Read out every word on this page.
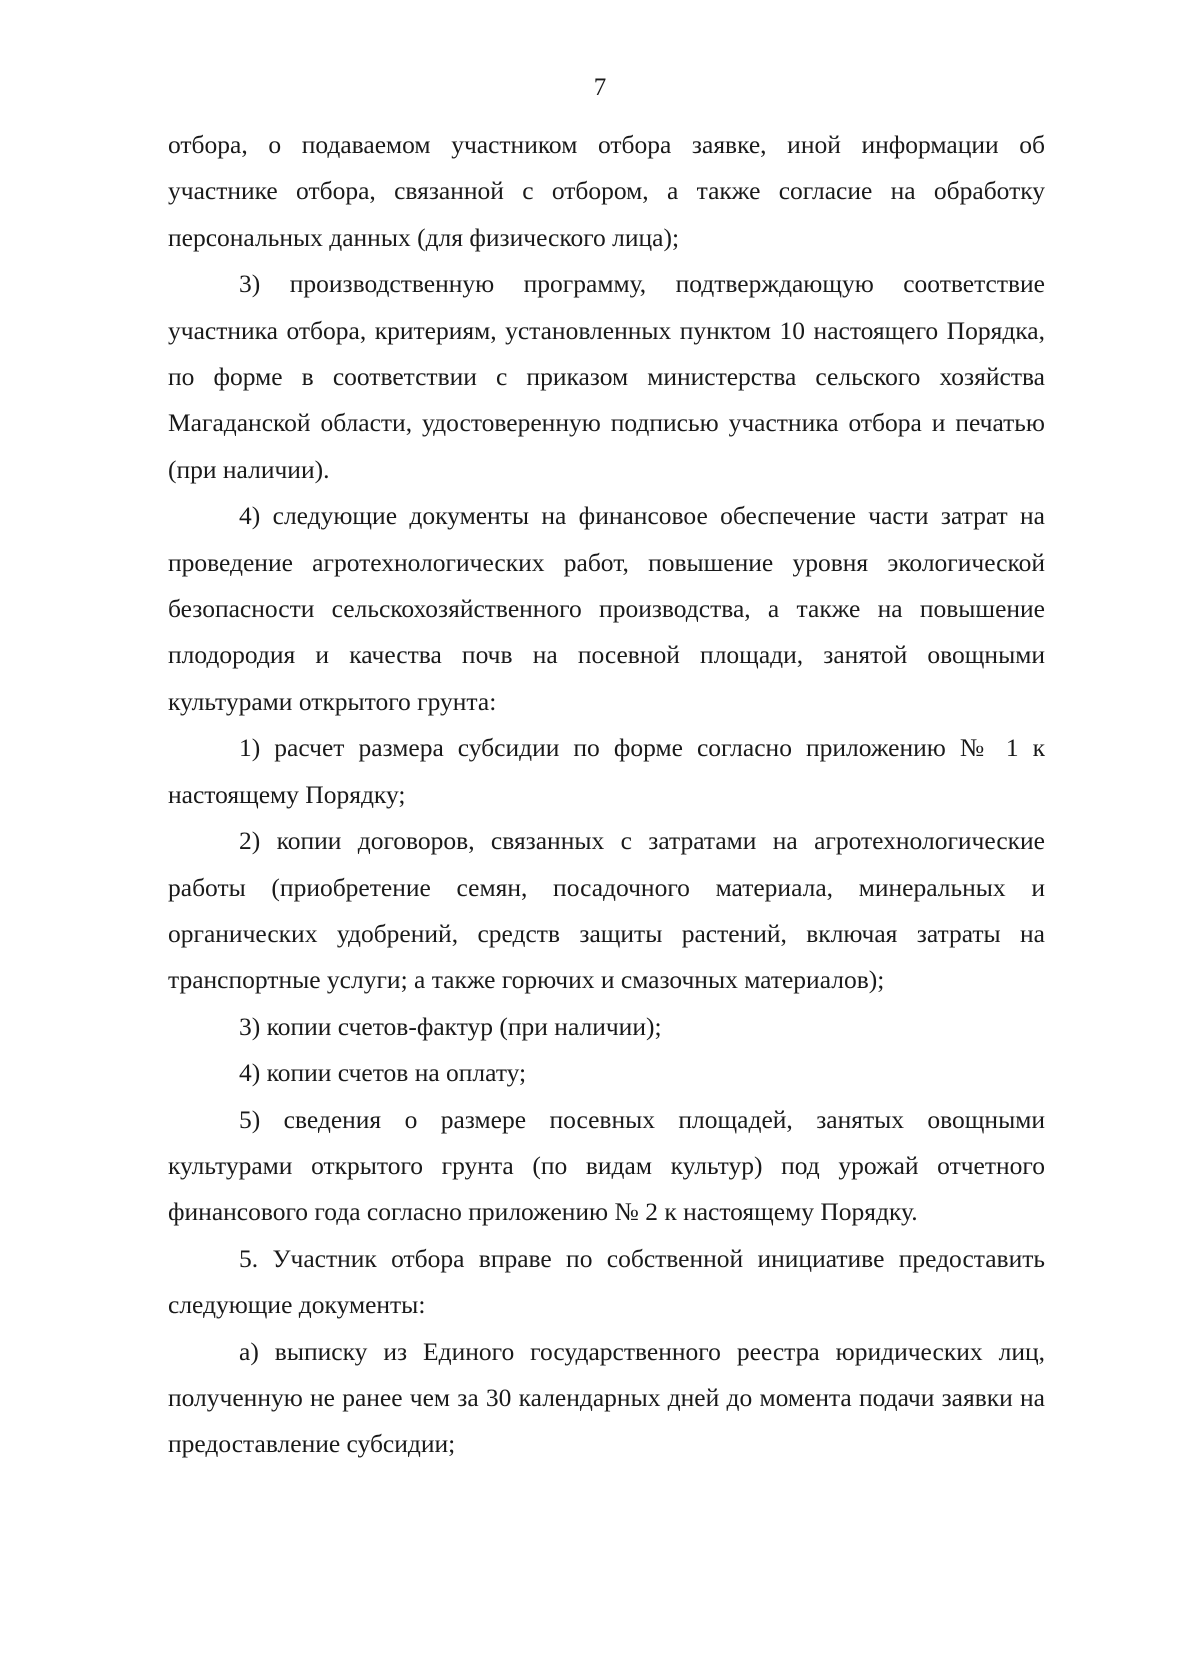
7

отбора, о подаваемом участником отбора заявке, иной информации об участнике отбора, связанной с отбором, а также согласие на обработку персональных данных (для физического лица);

3) производственную программу, подтверждающую соответствие участника отбора, критериям, установленных пунктом 10 настоящего Порядка, по форме в соответствии с приказом министерства сельского хозяйства Магаданской области, удостоверенную подписью участника отбора и печатью (при наличии).

4) следующие документы на финансовое обеспечение части затрат на проведение агротехнологических работ, повышение уровня экологической безопасности сельскохозяйственного производства, а также на повышение плодородия и качества почв на посевной площади, занятой овощными культурами открытого грунта:

1) расчет размера субсидии по форме согласно приложению № 1 к настоящему Порядку;

2) копии договоров, связанных с затратами на агротехнологические работы (приобретение семян, посадочного материала, минеральных и органических удобрений, средств защиты растений, включая затраты на транспортные услуги; а также горючих и смазочных материалов);

3) копии счетов-фактур (при наличии);

4) копии счетов на оплату;

5) сведения о размере посевных площадей, занятых овощными культурами открытого грунта (по видам культур) под урожай отчетного финансового года согласно приложению № 2 к настоящему Порядку.

5. Участник отбора вправе по собственной инициативе предоставить следующие документы:

а) выписку из Единого государственного реестра юридических лиц, полученную не ранее чем за 30 календарных дней до момента подачи заявки на предоставление субсидии;
